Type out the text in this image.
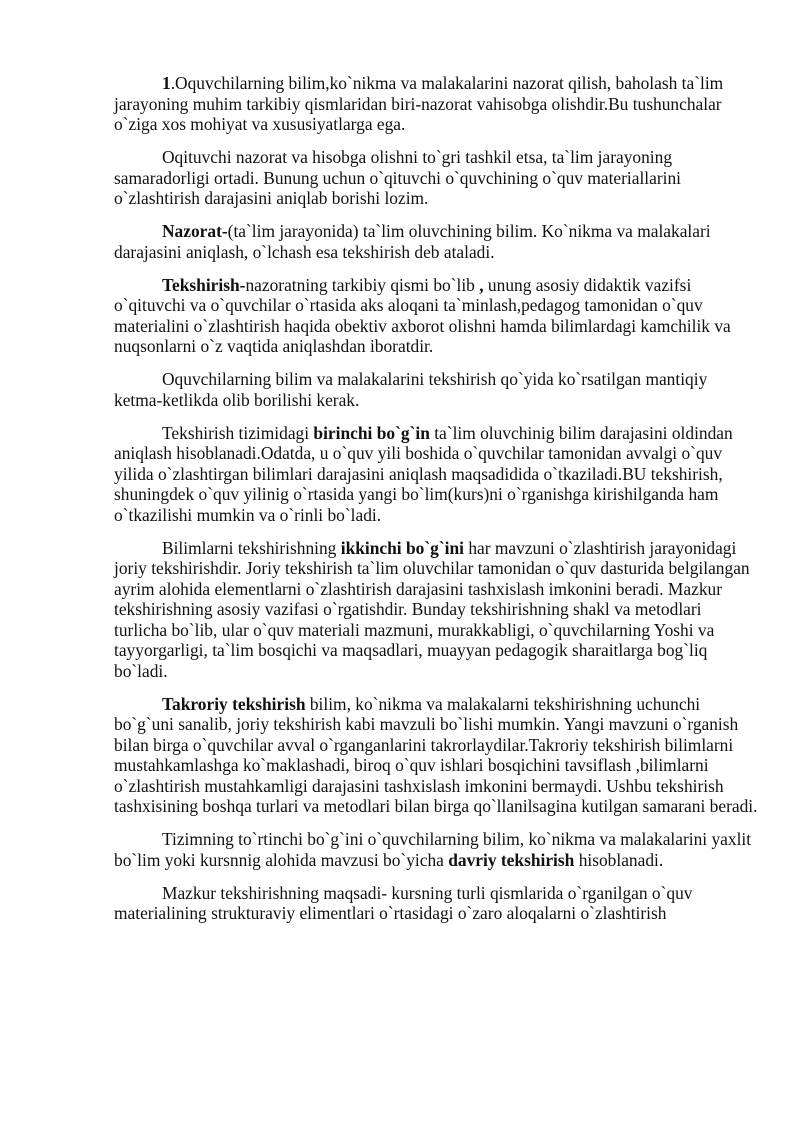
1.Oquvchilarning bilim,ko`nikma va malakalarini nazorat qilish, baholash ta`lim jarayoning muhim tarkibiy qismlaridan biri-nazorat vahisobga olishdir.Bu tushunchalar o`ziga xos mohiyat va xususiyatlarga ega.

Oqituvchi nazorat va hisobga olishni to`gri tashkil etsa, ta`lim jarayoning samaradorligi ortadi. Bunung uchun o`qituvchi o`quvchining o`quv materiallarini o`zlashtirish darajasini aniqlab borishi lozim.

Nazorat-(ta`lim jarayonida) ta`lim oluvchining bilim. Ko`nikma va malakalari darajasini aniqlash, o`lchash esa tekshirish deb ataladi.

Tekshirish-nazoratning tarkibiy qismi bo`lib , unung asosiy didaktik vazifsi o`qituvchi va o`quvchilar o`rtasida aks aloqani ta`minlash,pedagog tamonidan o`quv materialini o`zlashtirish haqida obektiv axborot olishni hamda bilimlardagi kamchilik va nuqsonlarni o`z vaqtida aniqlashdan iboratdir.

Oquvchilarning bilim va malakalarini tekshirish qo`yida ko`rsatilgan mantiqiy ketma-ketlikda olib borilishi kerak.

Tekshirish tizimidagi birinchi bo`g`in ta`lim oluvchinig bilim darajasini oldindan aniqlash hisoblanadi.Odatda, u o`quv yili boshida o`quvchilar tamonidan avvalgi o`quv yilida o`zlashtirgan bilimlari darajasini aniqlash maqsadidida o`tkaziladi.BU tekshirish, shuningdek o`quv yilinig o`rtasida yangi bo`lim(kurs)ni o`rganishga kirishilganda ham o`tkazilishi mumkin va o`rinli bo`ladi.

Bilimlarni tekshirishning ikkinchi bo`g`ini har mavzuni o`zlashtirish jarayonidagi joriy tekshirishdir. Joriy tekshirish ta`lim oluvchilar tamonidan o`quv dasturida belgilangan ayrim alohida elementlarni o`zlashtirish darajasini tashxislash imkonini beradi. Mazkur tekshirishning asosiy vazifasi o`rgatishdir. Bunday tekshirishning shakl va metodlari turlicha bo`lib, ular o`quv materiali mazmuni, murakkabligi, o`quvchilarning Yoshi va tayyorgarligi, ta`lim bosqichi va maqsadlari, muayyan pedagogik sharaitlarga bog`liq bo`ladi.

Takroriy tekshirish bilim, ko`nikma va malakalarni tekshirishning uchunchi bo`g`uni sanalib, joriy tekshirish kabi mavzuli bo`lishi mumkin. Yangi mavzuni o`rganish bilan birga o`quvchilar avval o`rganganlarini takrorlaydilar.Takroriy tekshirish bilimlarni mustahkamlashga ko`maklashadi, biroq o`quv ishlari bosqichini tavsiflash ,bilimlarni o`zlashtirish mustahkamligi darajasini tashxislash imkonini bermaydi. Ushbu tekshirish tashxisining boshqa turlari va metodlari bilan birga qo`llanilsagina kutilgan samarani beradi.

Tizimning to`rtinchi bo`g`ini o`quvchilarning bilim, ko`nikma va malakalarini yaxlit bo`lim yoki kursnnig alohida mavzusi bo`yicha davriy tekshirish hisoblanadi.

Mazkur tekshirishning maqsadi- kursning turli qismlarida o`rganilgan o`quv materialining strukturaviy elimentlari o`rtasidagi o`zaro aloqalarni o`zlashtirish
